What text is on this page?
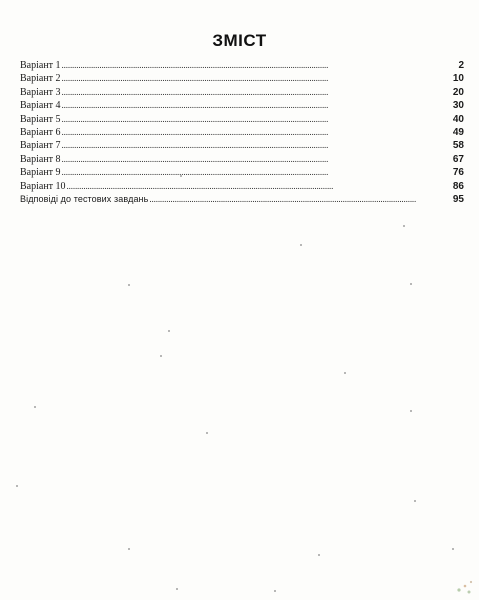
ЗМІСТ
Варіант 1 . . .	2
Варіант 2 . . .	10
Варіант 3 . . .	20
Варіант 4 . . .	30
Варіант 5 . . .	40
Варіант 6 . . .	49
Варіант 7 . . .	58
Варіант 8 . . .	67
Варіант 9 . . .	76
Варіант 10 . . .	86
Відповіді до тестових завдань . . .	95
